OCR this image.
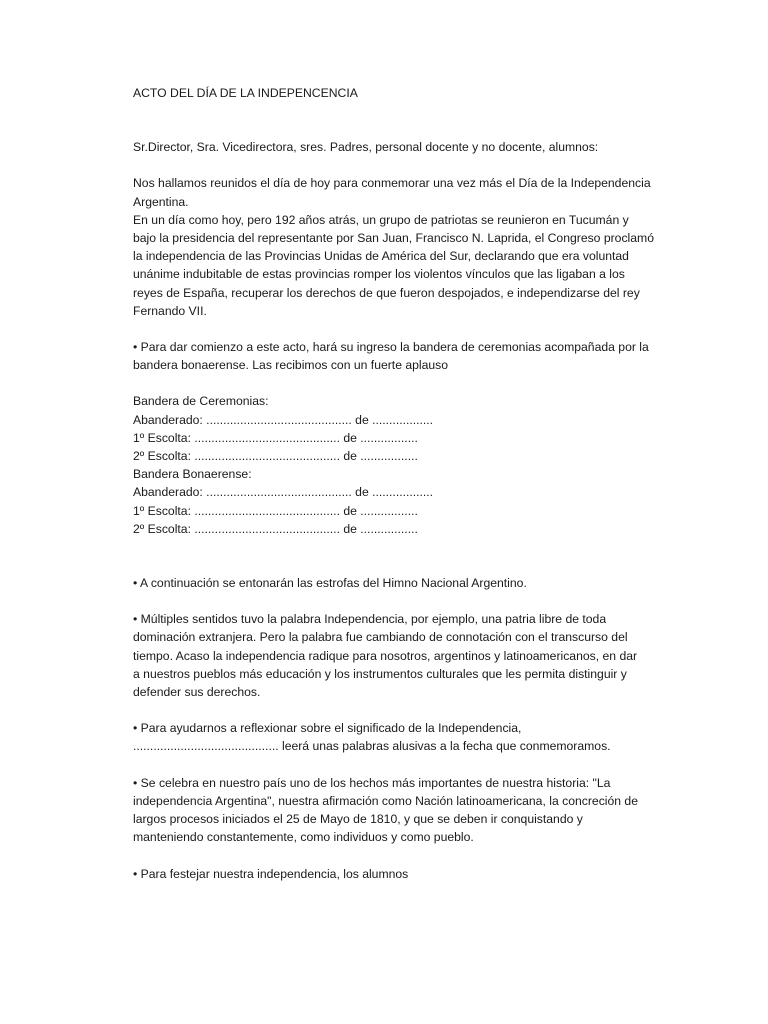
ACTO DEL DÍA DE LA INDEPENCENCIA

Sr.Director, Sra. Vicedirectora, sres. Padres, personal docente y no docente, alumnos:

Nos hallamos reunidos el día de hoy para conmemorar una vez más el Día de la Independencia

Argentina.

En un día como hoy, pero 192 años atrás, un grupo de patriotas se reunieron en Tucumán y

bajo la presidencia del representante por San Juan, Francisco N. Laprida, el Congreso proclamó

la independencia de las Provincias Unidas de América del Sur, declarando que era voluntad

unánime indubitable de estas provincias romper los violentos vínculos que las ligaban a los

reyes de España, recuperar los derechos de que fueron despojados, e independizarse del rey

Fernando VII.

• Para dar comienzo a este acto, hará su ingreso la bandera de ceremonias acompañada por la

bandera bonaerense. Las recibimos con un fuerte aplauso

Bandera de Ceremonias:

Abanderado: ........................................... de ..................

1º Escolta: ........................................... de .................

2º Escolta: ........................................... de .................

Bandera Bonaerense:

Abanderado: ........................................... de ..................

1º Escolta: ........................................... de .................

2º Escolta: ........................................... de .................

• A continuación se entonarán las estrofas del Himno Nacional Argentino.

• Múltiples sentidos tuvo la palabra Independencia, por ejemplo, una patria libre de toda

dominación extranjera. Pero la palabra fue cambiando de connotación con el transcurso del

tiempo. Acaso la independencia radique para nosotros, argentinos y latinoamericanos, en dar

a nuestros pueblos más educación y los instrumentos culturales que les permita distinguir y

defender sus derechos.

• Para ayudarnos a reflexionar sobre el significado de la Independencia,

........................................... leerá unas palabras alusivas a la fecha que conmemoramos.

• Se celebra en nuestro país uno de los hechos más importantes de nuestra historia: "La

independencia Argentina", nuestra afirmación como Nación latinoamericana, la concreción de

largos procesos iniciados el 25 de Mayo de 1810, y que se deben ir conquistando y

manteniendo constantemente, como individuos y como pueblo.

• Para festejar nuestra independencia, los alumnos
